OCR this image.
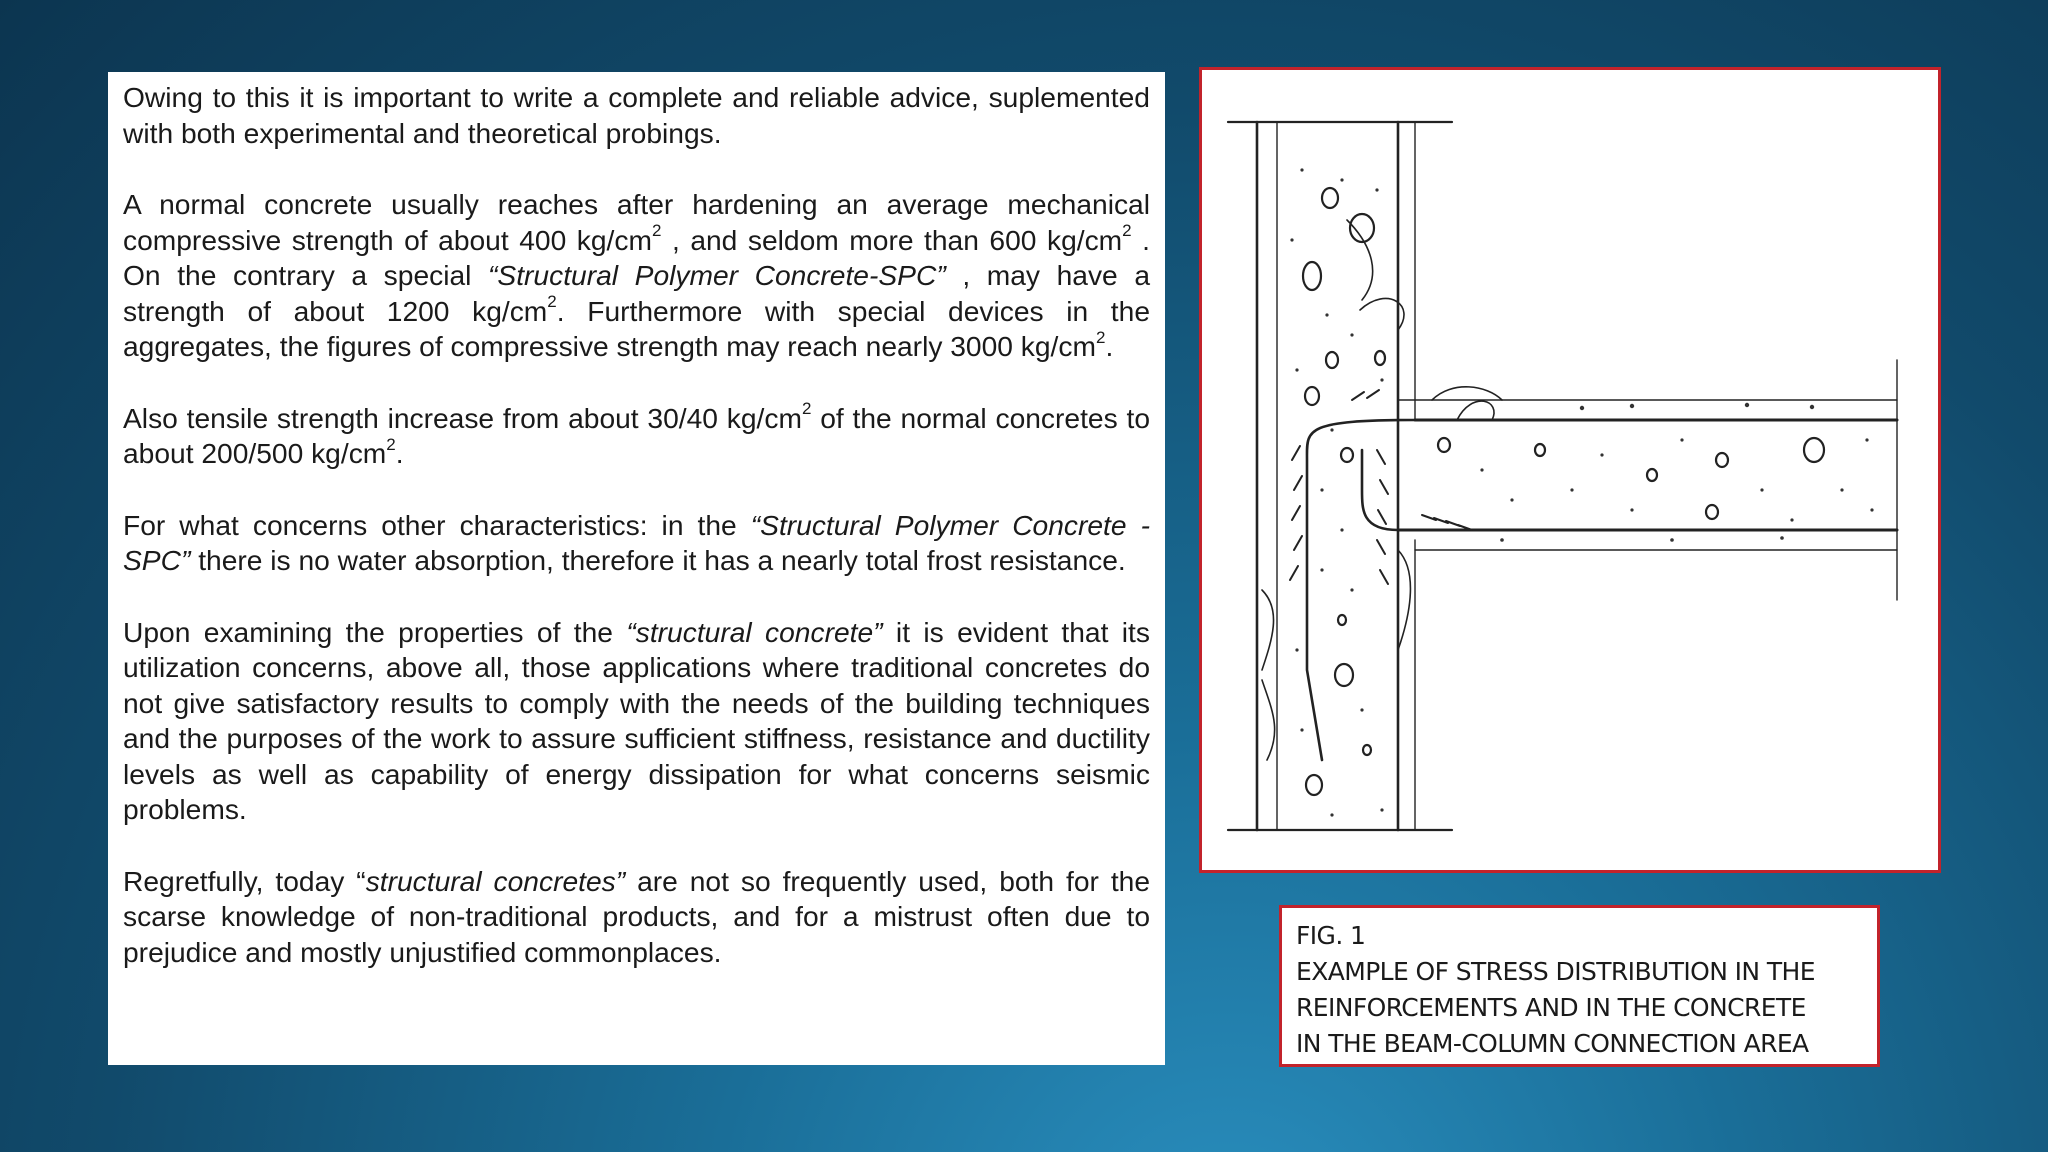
Owing to this it is important to write a complete and reliable advice, suplemented with both experimental and theoretical probings.

A normal concrete usually reaches after hardening an average mechanical compressive strength of about 400 $kg/cm^2$ , and seldom more than 600 $kg/cm^2$ . On the contrary a special “Structural Polymer Concrete-SPC” , may have a strength of about 1200 $kg/cm^2$. Furthermore with special devices in the aggregates, the figures of compressive strength may reach nearly 3000 $kg/cm^2$.

Also tensile strength increase from about 30/40 $kg/cm^2$ of the normal concretes to about 200/500 $kg/cm^2$.

For what concerns other characteristics: in the “Structural Polymer Concrete - SPC” there is no water absorption, therefore it has a nearly total frost resistance.

Upon examining the properties of the “structural concrete” it is evident that its utilization concerns, above all, those applications where traditional concretes do not give satisfactory results to comply with the needs of the building techniques and the purposes of the work to assure sufficient stiffness, resistance and ductility levels as well as capability of energy dissipation for what concerns seismic problems.

Regretfully, today “structural concretes” are not so frequently used, both for the scarse knowledge of non-traditional products, and for a mistrust often due to prejudice and mostly unjustified commonplaces.	FIG. 1
EXAMPLE OF STRESS DISTRIBUTION IN THE
REINFORCEMENTS AND IN THE CONCRETE
IN THE BEAM-COLUMN CONNECTION AREA
